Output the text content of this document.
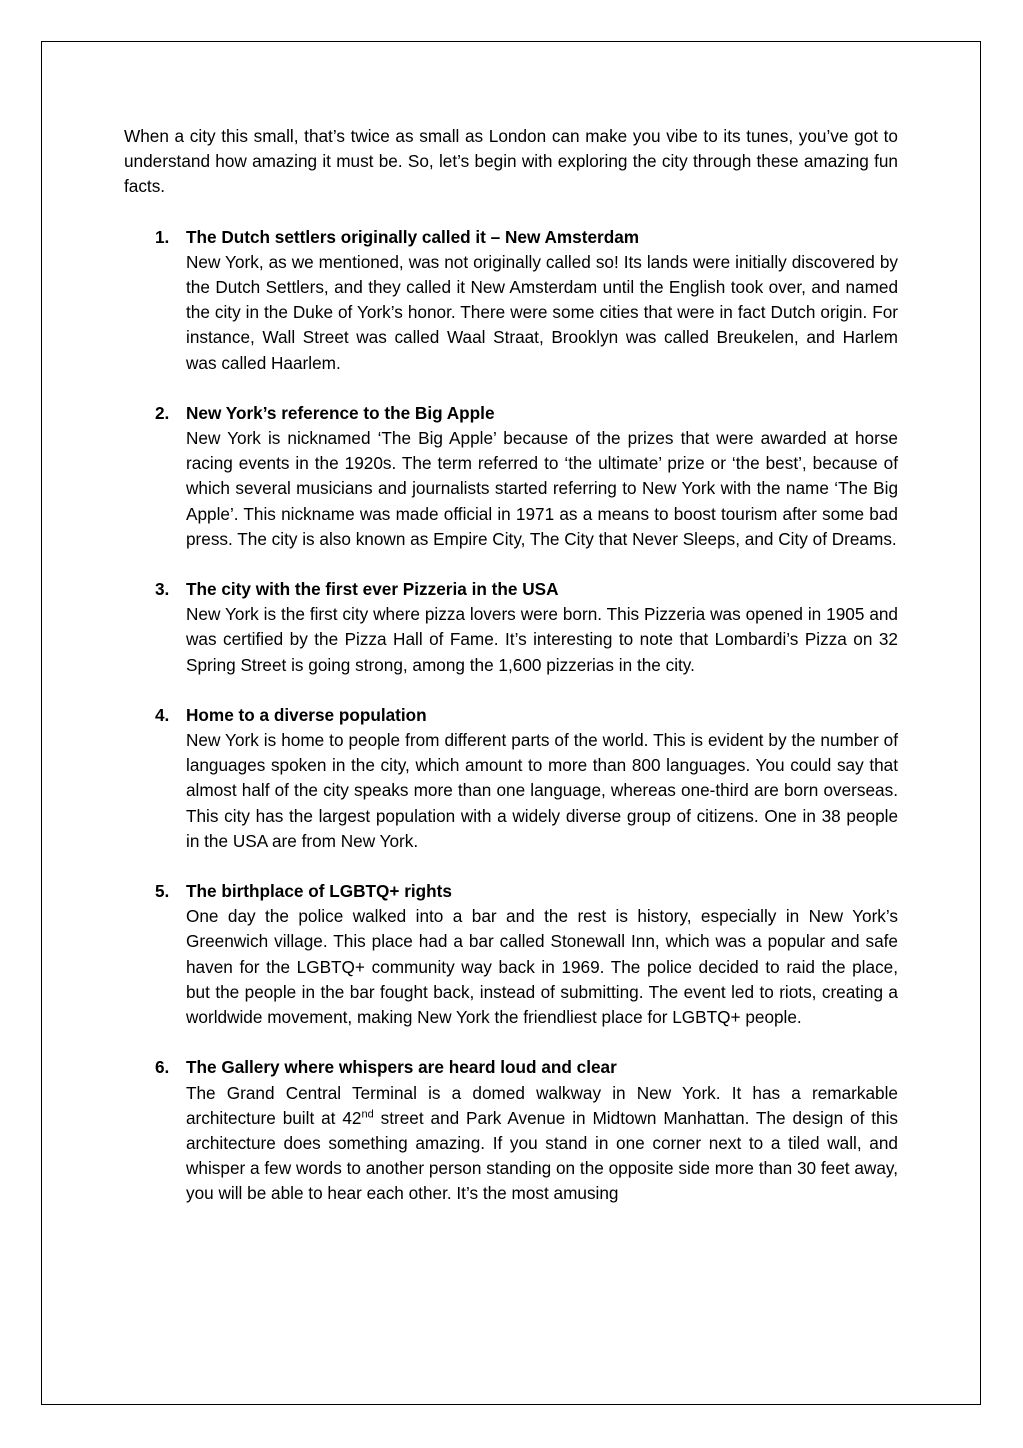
When a city this small, that’s twice as small as London can make you vibe to its tunes, you’ve got to understand how amazing it must be. So, let’s begin with exploring the city through these amazing fun facts.

1. The Dutch settlers originally called it – New Amsterdam

New York, as we mentioned, was not originally called so! Its lands were initially discovered by the Dutch Settlers, and they called it New Amsterdam until the English took over, and named the city in the Duke of York’s honor. There were some cities that were in fact Dutch origin. For instance, Wall Street was called Waal Straat, Brooklyn was called Breukelen, and Harlem was called Haarlem.

2. New York’s reference to the Big Apple

New York is nicknamed ‘The Big Apple’ because of the prizes that were awarded at horse racing events in the 1920s. The term referred to ‘the ultimate’ prize or ‘the best’, because of which several musicians and journalists started referring to New York with the name ‘The Big Apple’. This nickname was made official in 1971 as a means to boost tourism after some bad press. The city is also known as Empire City, The City that Never Sleeps, and City of Dreams.

3. The city with the first ever Pizzeria in the USA

New York is the first city where pizza lovers were born. This Pizzeria was opened in 1905 and was certified by the Pizza Hall of Fame. It’s interesting to note that Lombardi’s Pizza on 32 Spring Street is going strong, among the 1,600 pizzerias in the city.

4. Home to a diverse population

New York is home to people from different parts of the world. This is evident by the number of languages spoken in the city, which amount to more than 800 languages. You could say that almost half of the city speaks more than one language, whereas one-third are born overseas. This city has the largest population with a widely diverse group of citizens. One in 38 people in the USA are from New York.

5. The birthplace of LGBTQ+ rights

One day the police walked into a bar and the rest is history, especially in New York’s Greenwich village. This place had a bar called Stonewall Inn, which was a popular and safe haven for the LGBTQ+ community way back in 1969. The police decided to raid the place, but the people in the bar fought back, instead of submitting. The event led to riots, creating a worldwide movement, making New York the friendliest place for LGBTQ+ people.

6. The Gallery where whispers are heard loud and clear

The Grand Central Terminal is a domed walkway in New York. It has a remarkable architecture built at 42nd street and Park Avenue in Midtown Manhattan. The design of this architecture does something amazing. If you stand in one corner next to a tiled wall, and whisper a few words to another person standing on the opposite side more than 30 feet away, you will be able to hear each other. It’s the most amusing
